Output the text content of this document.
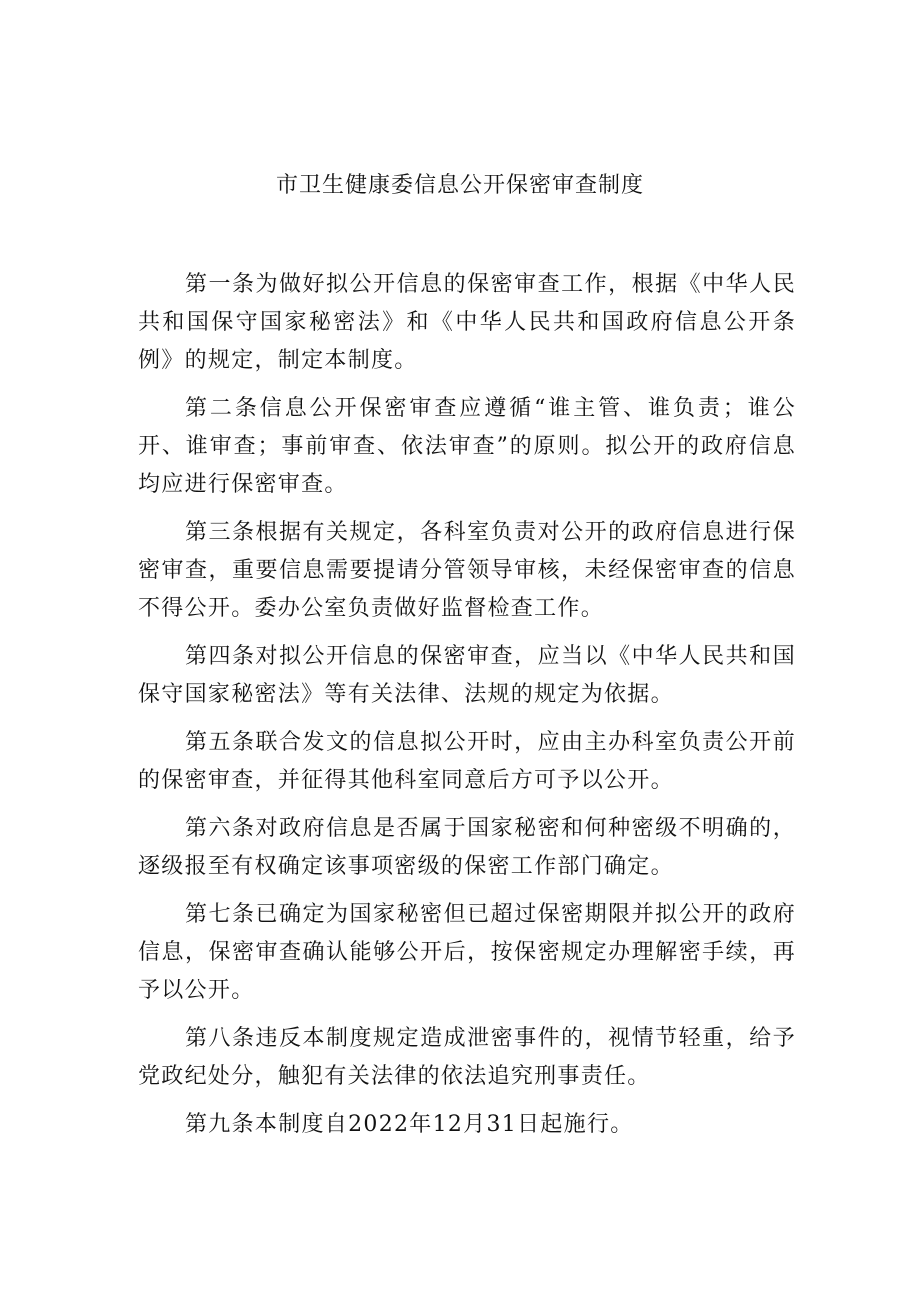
市卫生健康委信息公开保密审查制度

第一条为做好拟公开信息的保密审查工作，根据《中华人民共和国保守国家秘密法》和《中华人民共和国政府信息公开条例》的规定，制定本制度。

第二条信息公开保密审查应遵循“谁主管、谁负责；谁公开、谁审查；事前审查、依法审查”的原则。拟公开的政府信息均应进行保密审查。

第三条根据有关规定，各科室负责对公开的政府信息进行保密审查，重要信息需要提请分管领导审核，未经保密审查的信息不得公开。委办公室负责做好监督检查工作。

第四条对拟公开信息的保密审查，应当以《中华人民共和国保守国家秘密法》等有关法律、法规的规定为依据。

第五条联合发文的信息拟公开时，应由主办科室负责公开前的保密审查，并征得其他科室同意后方可予以公开。

第六条对政府信息是否属于国家秘密和何种密级不明确的，逐级报至有权确定该事项密级的保密工作部门确定。

第七条已确定为国家秘密但已超过保密期限并拟公开的政府信息，保密审查确认能够公开后，按保密规定办理解密手续，再予以公开。

第八条违反本制度规定造成泄密事件的，视情节轻重，给予党政纪处分，触犯有关法律的依法追究刑事责任。

第九条本制度自2022年12月31日起施行。
